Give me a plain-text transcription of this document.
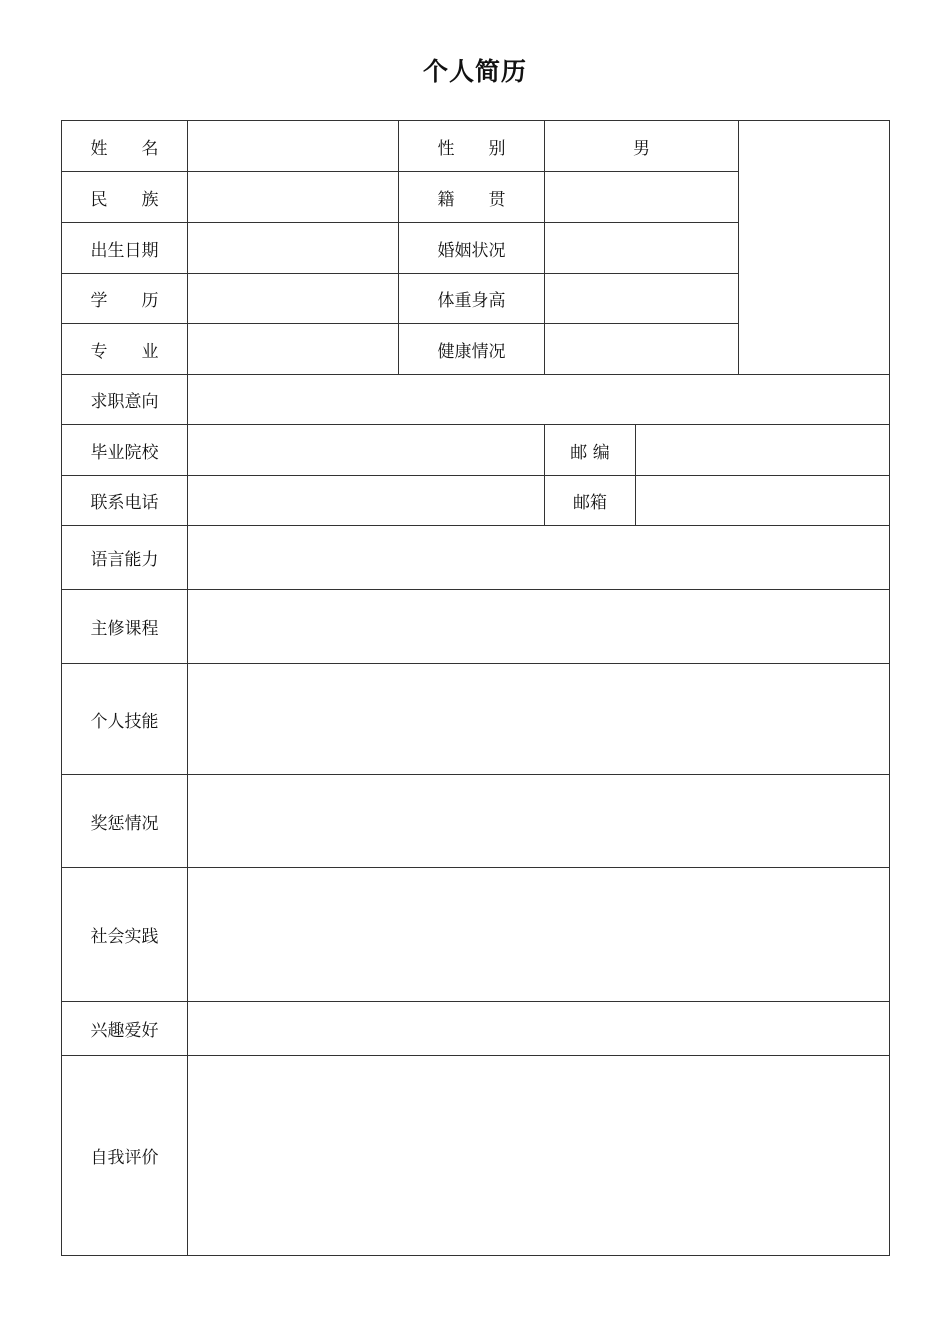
个人简历
姓　　名		性　　别	男		
民　　族		籍　　贯			
出生日期		婚姻状况			
学　　历		体重身高			
专　　业		健康情况			
求职意向					
毕业院校			邮 编		
联系电话			邮箱		
语言能力					
主修课程					
个人技能					
奖惩情况					
社会实践					
兴趣爱好					
自我评价					
